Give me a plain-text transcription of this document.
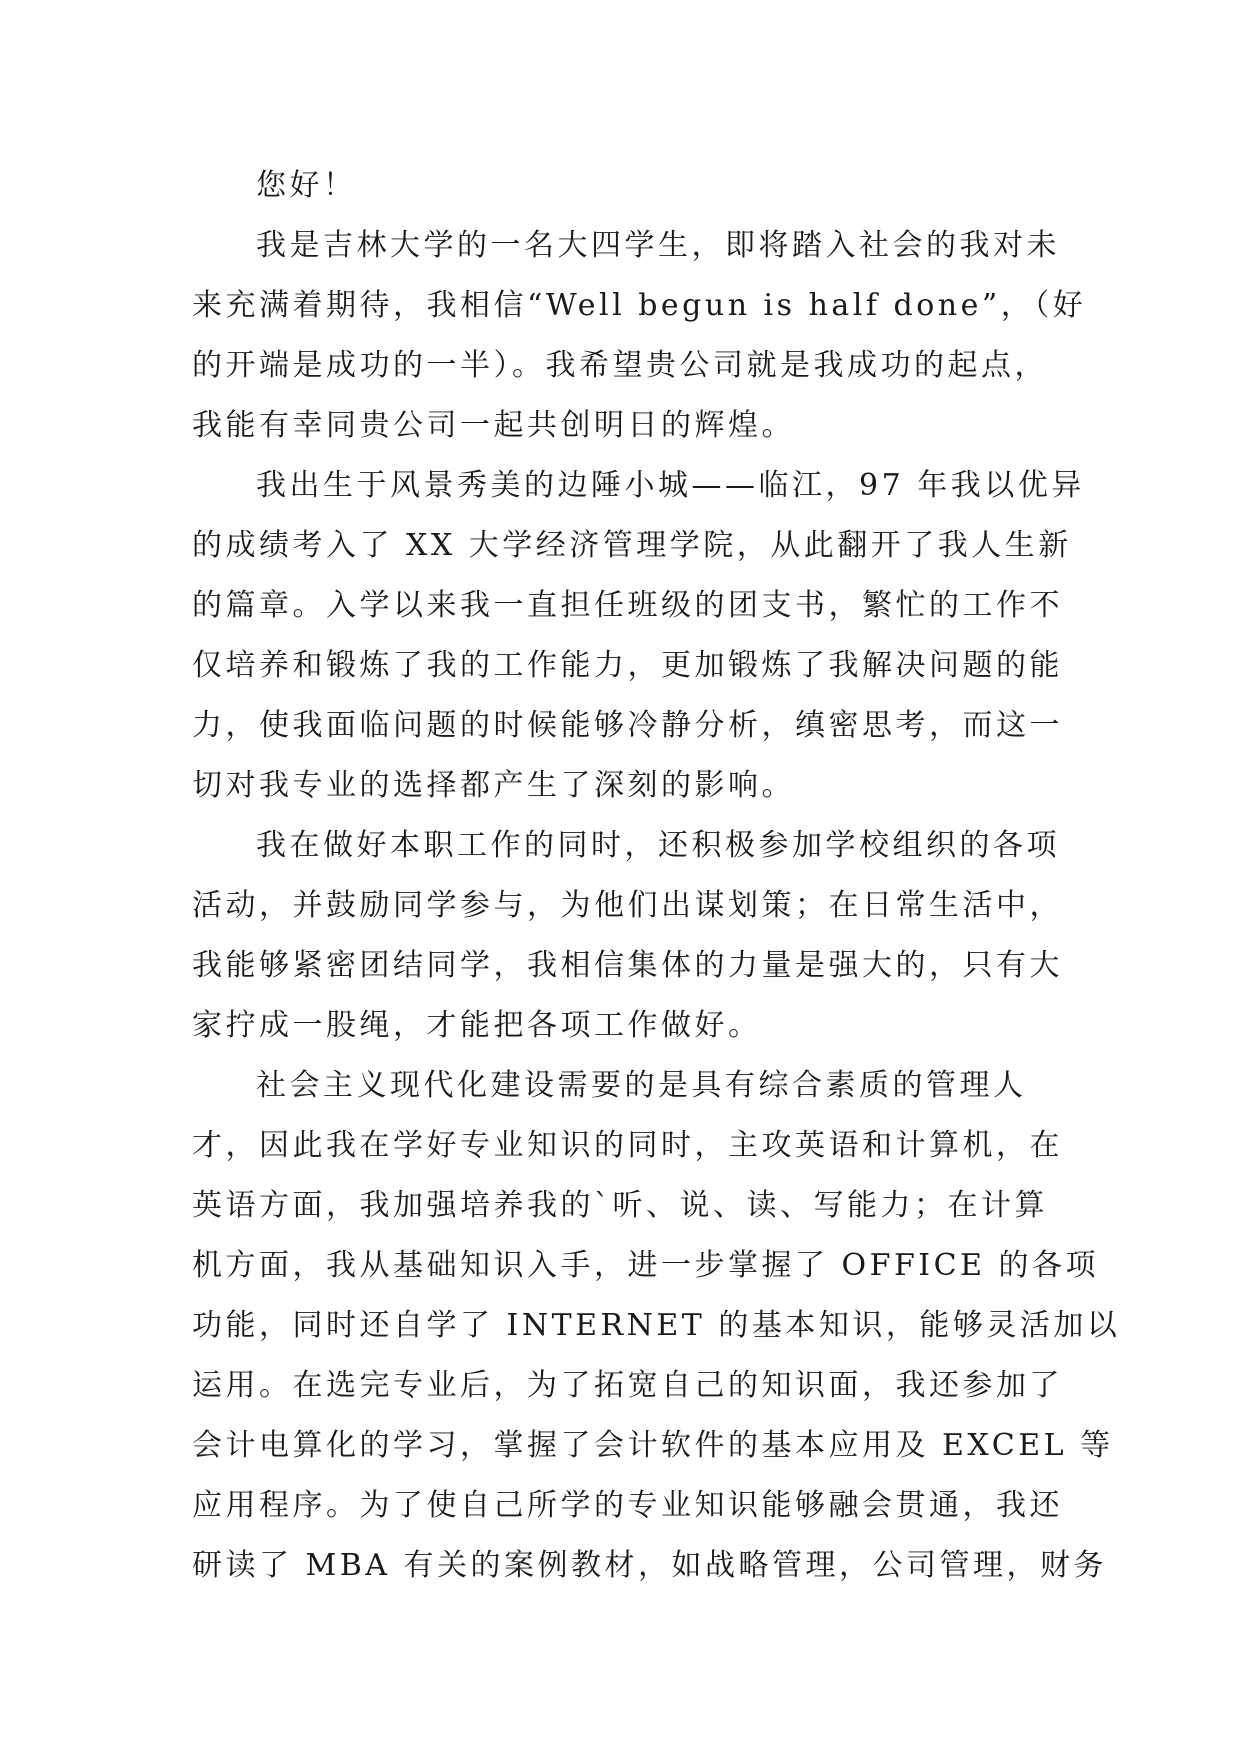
您好！
我是吉林大学的一名大四学生，即将踏入社会的我对未
来充满着期待，我相信“Well begun is half done”，（好
的开端是成功的一半）。我希望贵公司就是我成功的起点，
我能有幸同贵公司一起共创明日的辉煌。
我出生于风景秀美的边陲小城——临江，97 年我以优异
的成绩考入了 XX 大学经济管理学院，从此翻开了我人生新
的篇章。入学以来我一直担任班级的团支书，繁忙的工作不
仅培养和锻炼了我的工作能力，更加锻炼了我解决问题的能
力，使我面临问题的时候能够冷静分析，缜密思考，而这一
切对我专业的选择都产生了深刻的影响。
我在做好本职工作的同时，还积极参加学校组织的各项
活动，并鼓励同学参与，为他们出谋划策；在日常生活中，
我能够紧密团结同学，我相信集体的力量是强大的，只有大
家拧成一股绳，才能把各项工作做好。
社会主义现代化建设需要的是具有综合素质的管理人
才，因此我在学好专业知识的同时，主攻英语和计算机，在
英语方面，我加强培养我的`听、说、读、写能力；在计算
机方面，我从基础知识入手，进一步掌握了 OFFICE 的各项
功能，同时还自学了 INTERNET 的基本知识，能够灵活加以
运用。在选完专业后，为了拓宽自己的知识面，我还参加了
会计电算化的学习，掌握了会计软件的基本应用及 EXCEL 等
应用程序。为了使自己所学的专业知识能够融会贯通，我还
研读了 MBA 有关的案例教材，如战略管理，公司管理，财务
